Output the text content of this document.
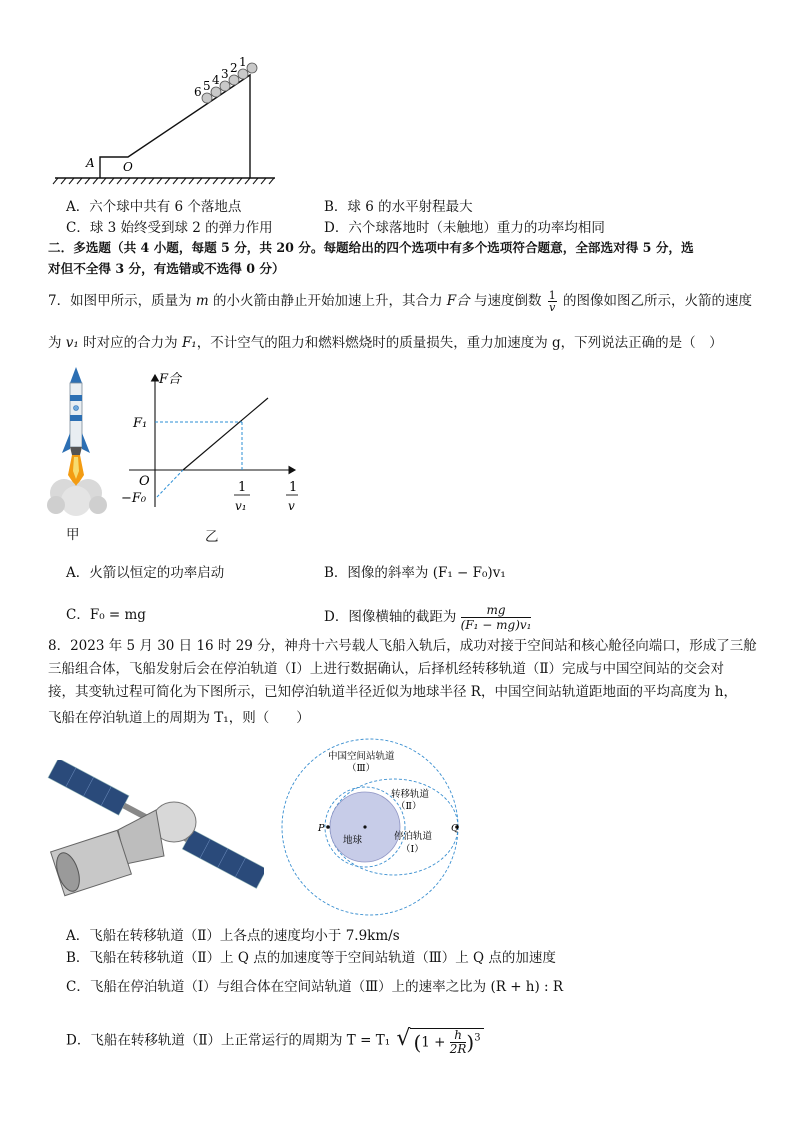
6 5 4 3 2 1
A O
A．六个球中共有 6 个落地点	B．球 6 的水平射程最大
C．球 3 始终受到球 2 的弹力作用	D．六个球落地时（未触地）重力的功率均相同
二．多选题（共 4 小题，每题 5 分，共 20 分。每题给出的四个选项中有多个选项符合题意，全部选对得 5 分，选
对但不全得 3 分，有选错或不选得 0 分）
7．如图甲所示，质量为 m 的小火箭由静止开始加速上升，其合力 F合 与速度倒数 $\frac{1}{v}$ 的图像如图乙所示，火箭的速度
为 v₁ 时对应的合力为 F₁，不计空气的阻力和燃料燃烧时的质量损失，重力加速度为 g，下列说法正确的是（　）
甲
F合
F₁
O
−F₀
1
v₁
1
v
乙
A．火箭以恒定的功率启动	B．图像的斜率为 (F₁ − F₀)v₁
C．F₀ = mg	D．图像横轴的截距为 $\frac{mg}{\text{(F₁ − mg)v₁}}$
8．2023 年 5 月 30 日 16 时 29 分，神舟十六号载人飞船入轨后，成功对接于空间站和核心舱径向端口，形成了三舱
三船组合体，飞船发射后会在停泊轨道（Ⅰ）上进行数据确认，后择机经转移轨道（Ⅱ）完成与中国空间站的交会对
接，其变轨过程可简化为下图所示，已知停泊轨道半径近似为地球半径 R，中国空间站轨道距地面的平均高度为 h，
飞船在停泊轨道上的周期为 T₁，则（　　）
中国空间站轨道
（Ⅲ）
转移轨道
（Ⅱ）
停泊轨道
（Ⅰ）
地球
P	Q
A．飞船在转移轨道（Ⅱ）上各点的速度均小于 7.9km/s
B．飞船在转移轨道（Ⅱ）上 Q 点的加速度等于空间站轨道（Ⅲ）上 Q 点的加速度
C．飞船在停泊轨道（Ⅰ）与组合体在空间站轨道（Ⅲ）上的速率之比为 (R + h) : R
D．飞船在转移轨道（Ⅱ）上正常运行的周期为 T = T₁ √ $(1 + \frac{h}{2R} )^3$
